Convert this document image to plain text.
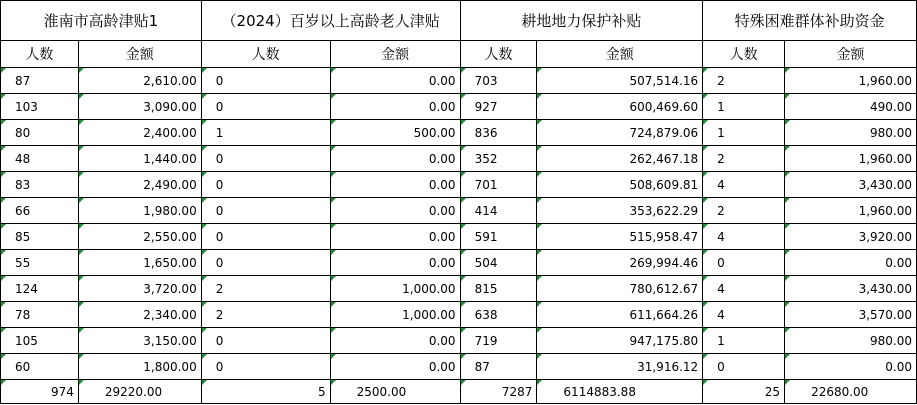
淮南市高龄津贴1		（2024）百岁以上高龄老人津贴		耕地地力保护补贴		特殊困难群体补助资金	
人数	金额	人数	金额	人数	金额	人数	金额
87	2,610.00	0	0.00	703	507,514.16	2	1,960.00
103	3,090.00	0	0.00	927	600,469.60	1	490.00
80	2,400.00	1	500.00	836	724,879.06	1	980.00
48	1,440.00	0	0.00	352	262,467.18	2	1,960.00
83	2,490.00	0	0.00	701	508,609.81	4	3,430.00
66	1,980.00	0	0.00	414	353,622.29	2	1,960.00
85	2,550.00	0	0.00	591	515,958.47	4	3,920.00
55	1,650.00	0	0.00	504	269,994.46	0	0.00
124	3,720.00	2	1,000.00	815	780,612.67	4	3,430.00
78	2,340.00	2	1,000.00	638	611,664.26	4	3,570.00
105	3,150.00	0	0.00	719	947,175.80	1	980.00
60	1,800.00	0	0.00	87	31,916.12	0	0.00
974	29220.00	5	2500.00	7287	6114883.88	25	22680.00
